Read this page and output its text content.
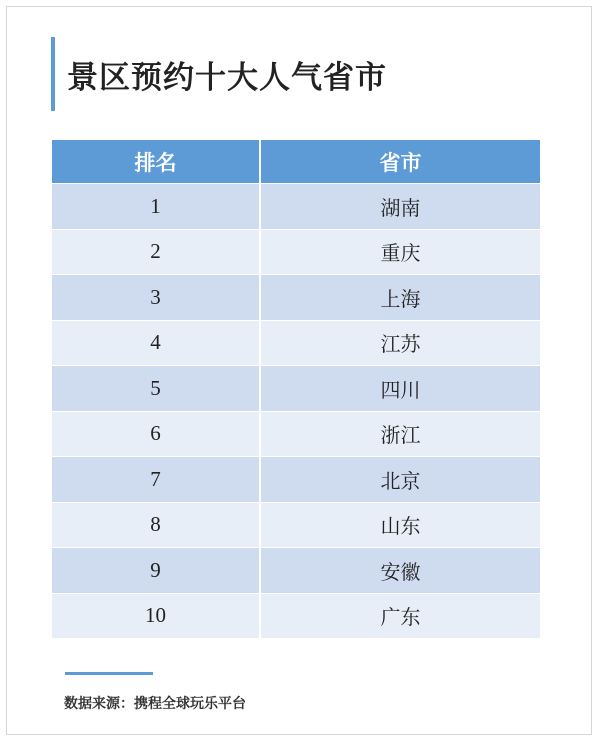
景区预约十大人气省市
排名	省市
1	湖南
2	重庆
3	上海
4	江苏
5	四川
6	浙江
7	北京
8	山东
9	安徽
10	广东
数据来源：携程全球玩乐平台
